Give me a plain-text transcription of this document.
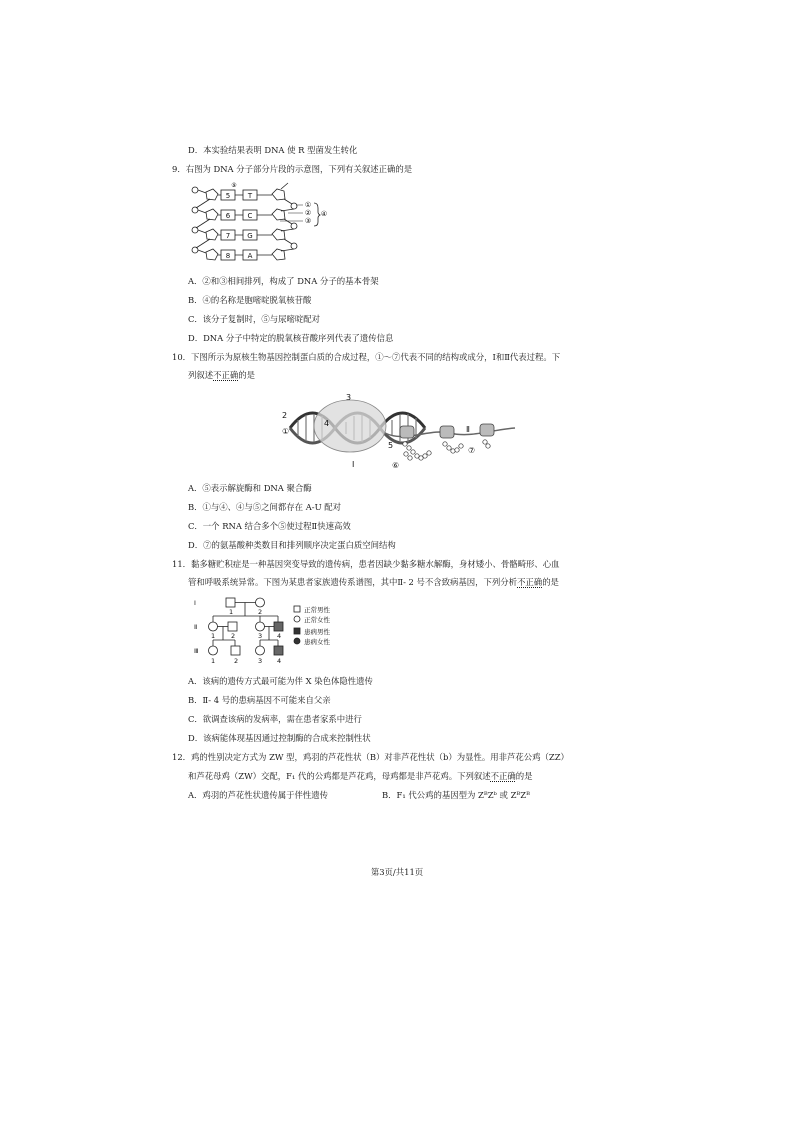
D．本实验结果表明 DNA 使 R 型菌发生转化
9．右图为 DNA 分子部分片段的示意图，下列有关叙述正确的是
5	T
6 C
7 G
8 A
⑨
①
②
③
④
A．②和③相间排列，构成了 DNA 分子的基本骨架
B．④的名称是胞嘧啶脱氧核苷酸
C．该分子复制时，⑤与尿嘧啶配对
D．DNA 分子中特定的脱氧核苷酸序列代表了遗传信息
10．下图所示为原核生物基因控制蛋白质的合成过程，①～⑦代表不同的结构或成分，Ⅰ和Ⅱ代表过程。下
列叙述不正确的是
2
①
3
4
5
⑥
⑦
Ⅰ
Ⅱ
A．⑤表示解旋酶和 DNA 聚合酶
B．①与④、④与⑤之间都存在 A-U 配对
C．一个 RNA 结合多个⑤使过程Ⅱ快速高效
D．⑦的氨基酸种类数目和排列顺序决定蛋白质空间结构
11．黏多糖贮积症是一种基因突变导致的遗传病，患者因缺少黏多糖水解酶，身材矮小、骨骼畸形、心血
管和呼吸系统异常。下图为某患者家族遗传系谱图，其中Ⅱ- 2 号不含致病基因，下列分析不正确的是
Ⅰ
Ⅱ
Ⅲ
1	2
1 2	3 4
1	2	3 4
正常男性
正常女性
患病男性
患病女性
A．该病的遗传方式最可能为伴 X 染色体隐性遗传
B．Ⅱ- 4 号的患病基因不可能来自父亲
C．欲调查该病的发病率，需在患者家系中进行
D．该病能体现基因通过控制酶的合成来控制性状
12．鸡的性别决定方式为 ZW 型，鸡羽的芦花性状（B）对非芦花性状（b）为显性。用非芦花公鸡（ZZ）
和芦花母鸡（ZW）交配，F₁ 代的公鸡都是芦花鸡，母鸡都是非芦花鸡。下列叙述不正确的是
A．鸡羽的芦花性状遗传属于伴性遗传	B．F₁ 代公鸡的基因型为 ZᴮZᵇ 或 ZᴮZᴮ
第3页/共11页
